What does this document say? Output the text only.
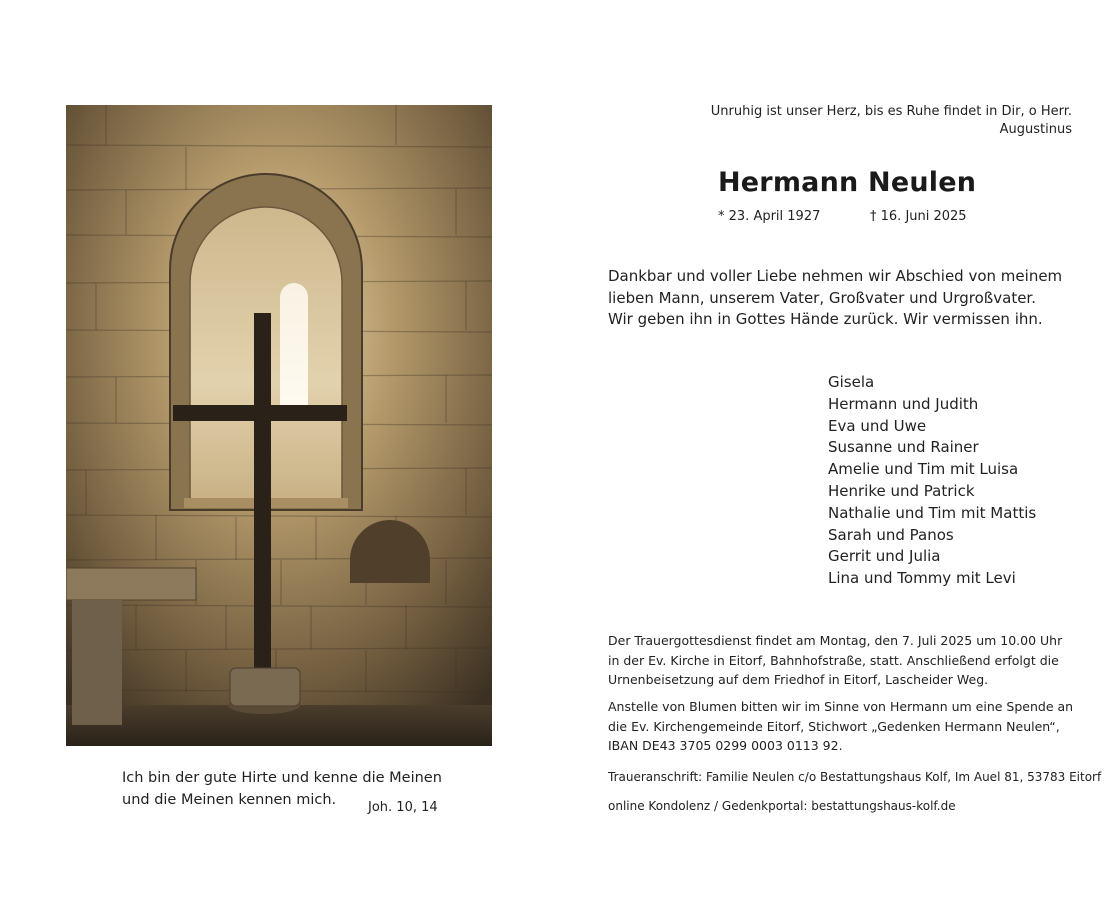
Ich bin der gute Hirte und kenne die Meinen
und die Meinen kennen mich.	Joh. 10, 14
Unruhig ist unser Herz, bis es Ruhe findet in Dir, o Herr.
Augustinus
Hermann Neulen
* 23. April 1927	† 16. Juni 2025

Dankbar und voller Liebe nehmen wir Abschied von meinem

lieben Mann, unserem Vater, Großvater und Urgroßvater.

Wir geben ihn in Gottes Hände zurück. Wir vermissen ihn.

Gisela
Hermann und Judith
Eva und Uwe
Susanne und Rainer
Amelie und Tim mit Luisa
Henrike und Patrick
Nathalie und Tim mit Mattis
Sarah und Panos
Gerrit und Julia
Lina und Tommy mit Levi
Der Trauergottesdienst findet am Montag, den 7. Juli 2025 um 10.00 Uhr
in der Ev. Kirche in Eitorf, Bahnhofstraße, statt. Anschließend erfolgt die
Urnenbeisetzung auf dem Friedhof in Eitorf, Lascheider Weg.
Anstelle von Blumen bitten wir im Sinne von Hermann um eine Spende an
die Ev. Kirchengemeinde Eitorf, Stichwort „Gedenken Hermann Neulen“,
IBAN DE43 3705 0299 0003 0113 92.
Traueranschrift: Familie Neulen c/o Bestattungshaus Kolf, Im Auel 81, 53783 Eitorf
online Kondolenz / Gedenkportal: bestattungshaus-kolf.de
